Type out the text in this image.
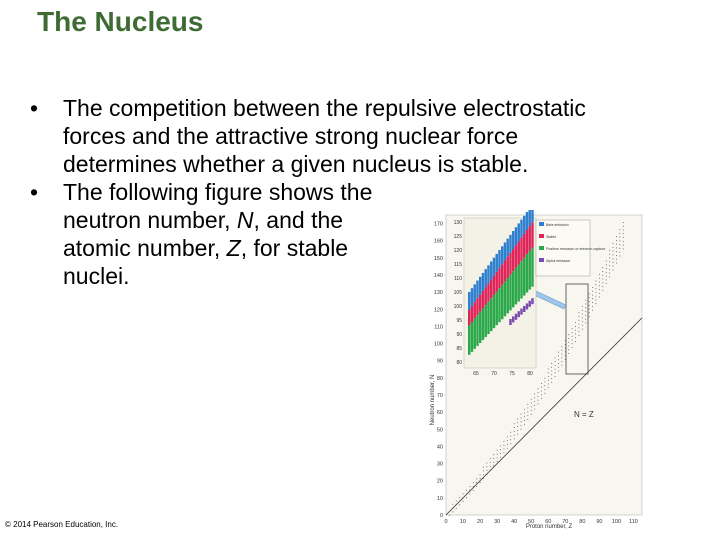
The Nucleus
• The competition between the repulsive electrostatic forces and the attractive strong nuclear force determines whether a given nucleus is stable.
• The following figure shows the neutron number, N, and the atomic number, Z, for stable nuclei.
170
160
150
140
130
120
110
100
90
80
70
60
50
40
30
20
10
0
0 10 20 30 40 50 60 70 80 90 100 110
130
125
120
115
110
105
100
95
90
85
80
65 70 75 80
Beta emission
Stable
Positron emission or electron capture
Alpha emission
N = Z
Neutron number, N
Proton number, Z
© 2014 Pearson Education, Inc.
